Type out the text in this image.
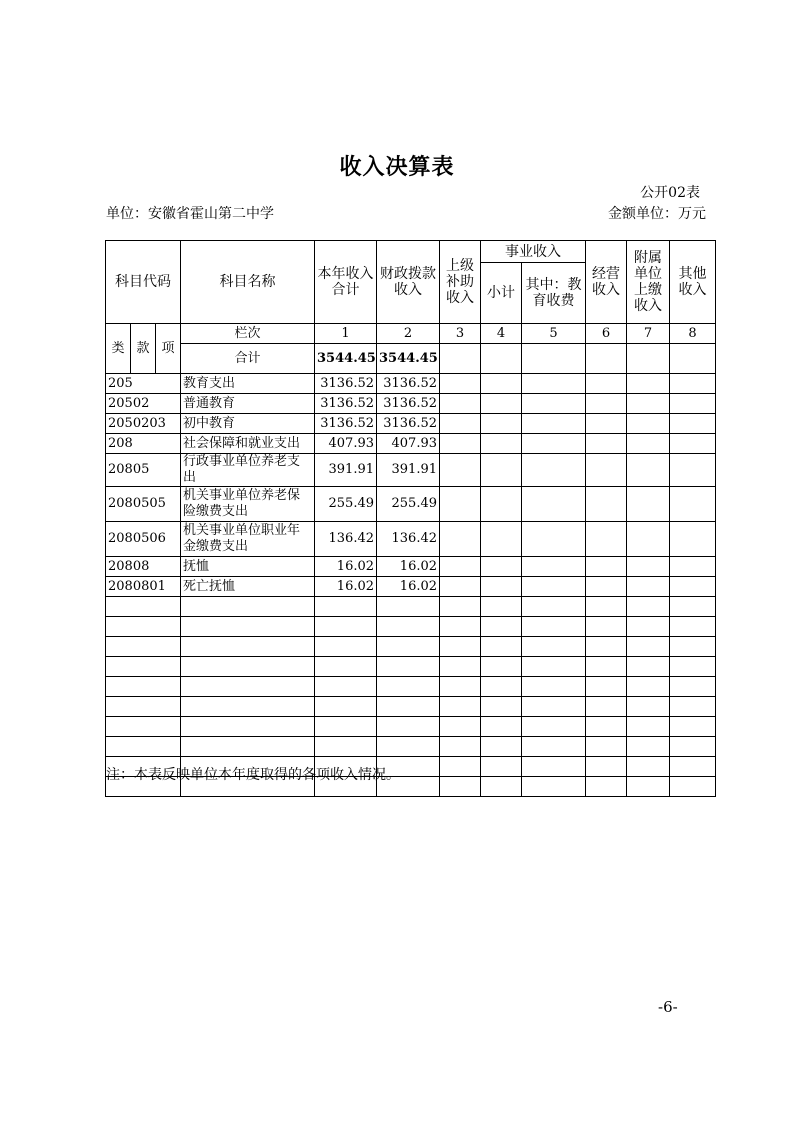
收入决算表
公开02表
单位：安徽省霍山第二中学	金额单位：万元
科目代码			科目名称	本年收入合计	财政拨款收入	上级补助收入	事业收入		经营收入	附属单位上缴收入	其他收入
							小计	其中：教育收费			
类	款	项	栏次	1	2	3	4	5	6	7	8
			合计	3544.45	3544.45						
205			教育支出	3136.52	3136.52						
20502			普通教育	3136.52	3136.52						
2050203			初中教育	3136.52	3136.52						
208			社会保障和就业支出	407.93	407.93						
20805			行政事业单位养老支出	391.91	391.91						
2080505			机关事业单位养老保险缴费支出	255.49	255.49						
2080506			机关事业单位职业年金缴费支出	136.42	136.42						
20808			抚恤	16.02	16.02						
2080801			死亡抚恤	16.02	16.02						

注：本表反映单位本年度取得的各项收入情况。
-6-
